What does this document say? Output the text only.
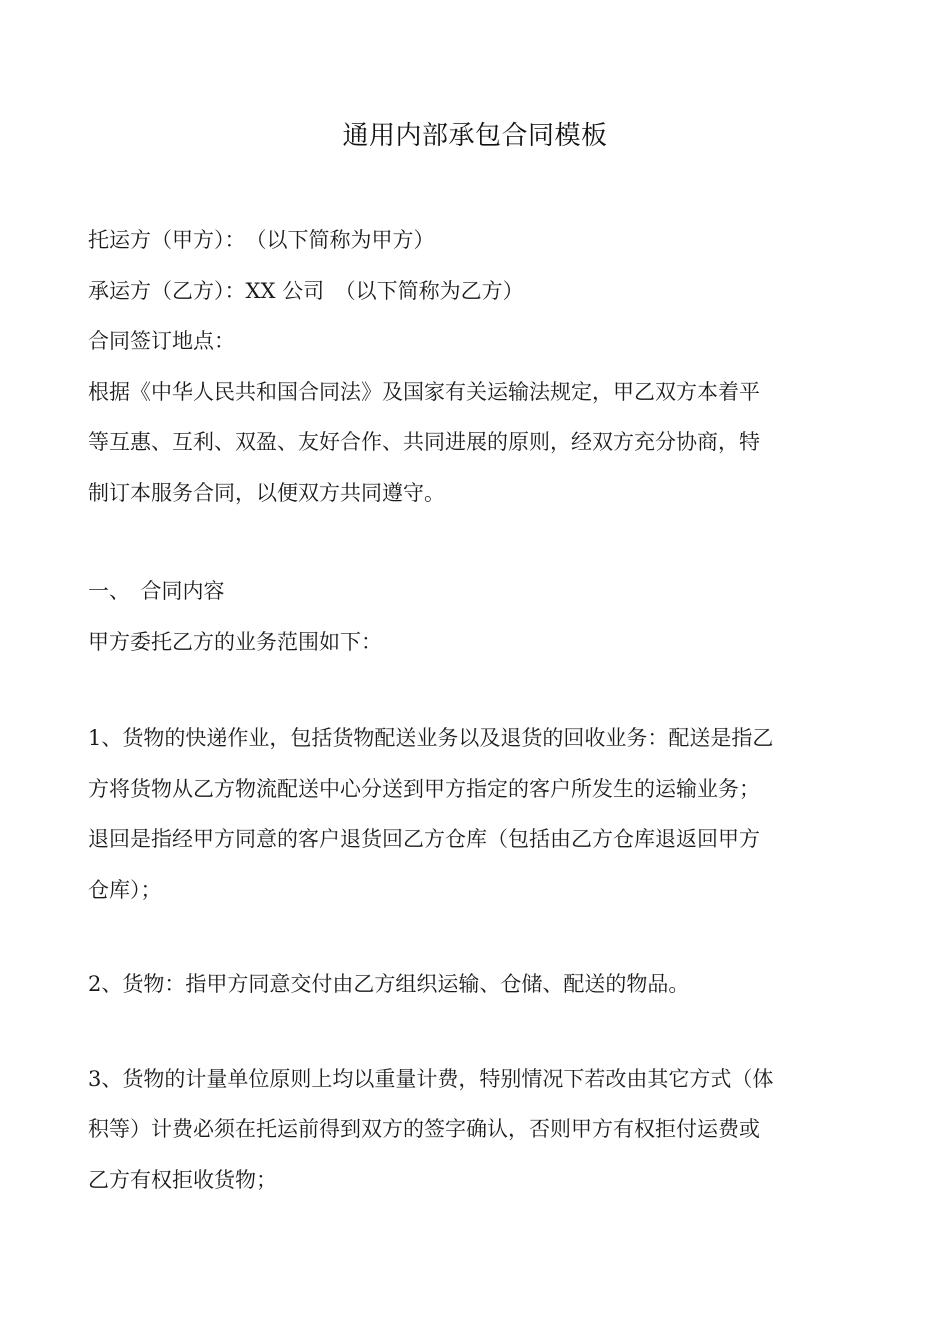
通用内部承包合同模板
托运方（甲方）：　（以下简称为甲方）
承运方（乙方）：XX 公司　（以下简称为乙方）
合同签订地点：
根据《中华人民共和国合同法》及国家有关运输法规定，甲乙双方本着平
等互惠、互利、双盈、友好合作、共同进展的原则，经双方充分协商，特
制订本服务合同，以便双方共同遵守。
一、　合同内容
甲方委托乙方的业务范围如下：
1、货物的快递作业，包括货物配送业务以及退货的回收业务：配送是指乙
方将货物从乙方物流配送中心分送到甲方指定的客户所发生的运输业务；
退回是指经甲方同意的客户退货回乙方仓库（包括由乙方仓库退返回甲方
仓库）；
2、货物：指甲方同意交付由乙方组织运输、仓储、配送的物品。
3、货物的计量单位原则上均以重量计费，特别情况下若改由其它方式（体
积等）计费必须在托运前得到双方的签字确认，否则甲方有权拒付运费或
乙方有权拒收货物；
